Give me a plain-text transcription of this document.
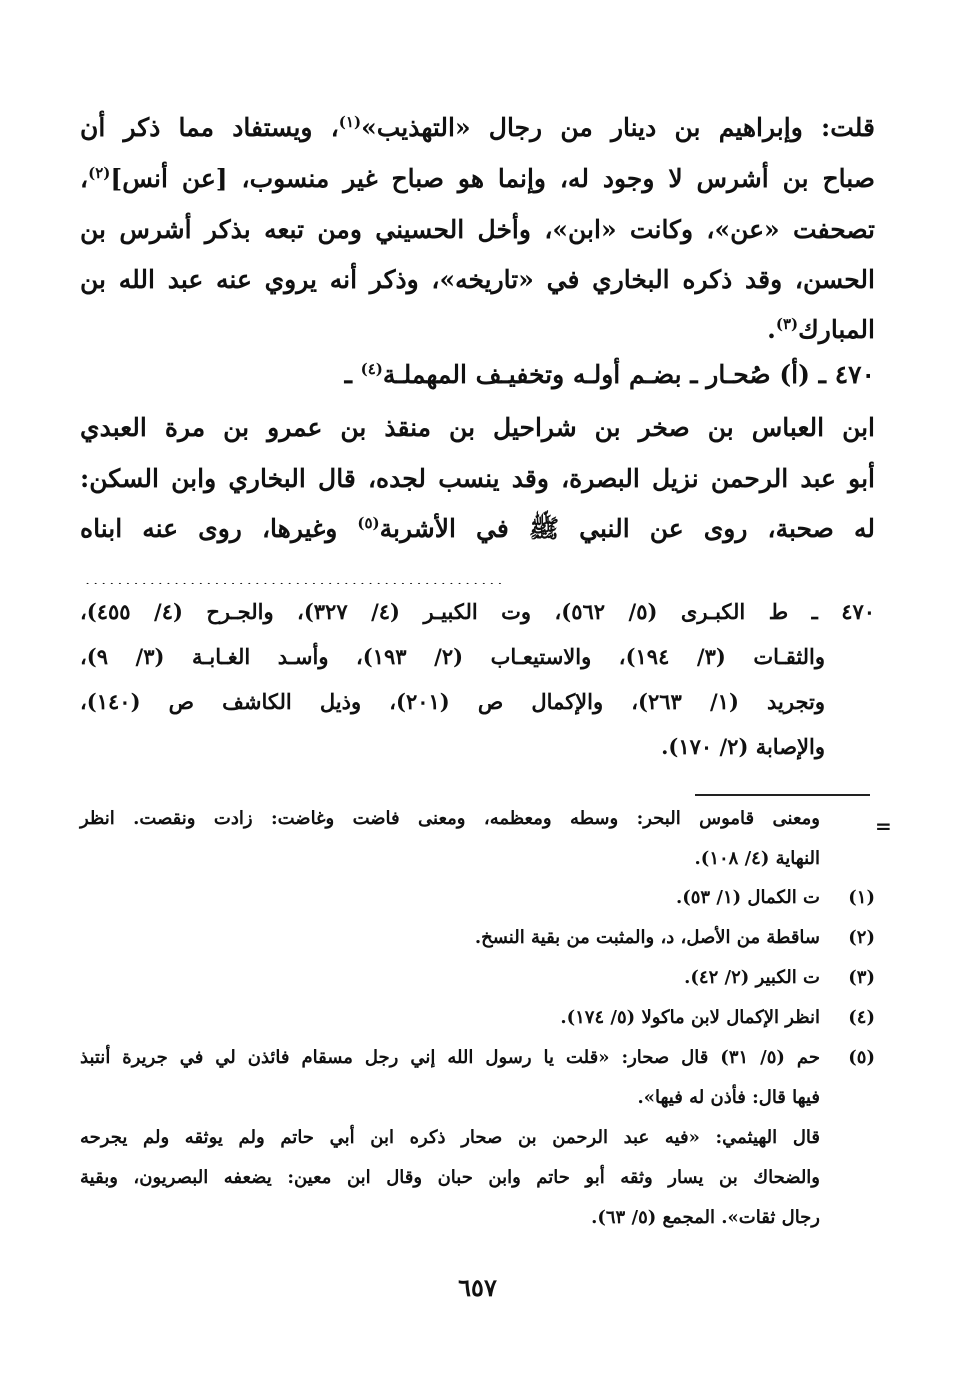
قلت: وإبراهيم بن دينار من رجال «التهذيب»$^{(١)}$، ويستفاد مما ذكر أن
صباح بن أشرس لا وجود له، وإنما هو صباح غير منسوب، [عن أنس]$^{(٢)}$،
تصحفت «عن»، وكانت «ابن»، وأخل الحسيني ومن تبعه بذكر أشرس بن
الحسن، وقد ذكره البخاري في «تاريخه»، وذكر أنه يروي عنه عبد الله بن
المبارك$^{(٣)}$.
٤٧٠ ـ (أ) صُحـار ـ بضـم أولـه وتخفيـف المهملـة$^{(٤)}$ ـ
ابن العباس بن صخر بن شراحيل بن منقذ بن عمرو بن مرة العبدي
أبو عبد الرحمن نزيل البصرة، وقد ينسب لجده، قال البخاري وابن السكن:
له صحبة، روى عن النبي ﷺ في الأشربة$^{(٥)}$ وغيرها، روى عنه ابناه
....................................................
٤٧٠ ـ ط الكبـرى (٥/ ٥٦٢)، وت الكبيـر (٤/ ٣٢٧)، والجـرح (٤/ ٤٥٥)،
والثقـات (٣/ ١٩٤)، والاستيعـاب (٢/ ١٩٣)، وأسـد الغـابـة (٣/ ٩)،
وتجريد (١/ ٢٦٣)، والإكمال ص (٢٠١)، وذيل الكاشف ص (١٤٠)،
والإصابة (٢/ ١٧٠).
=
ومعنى قاموس البحر: وسطه ومعظمه، ومعنى فاضت وغاضت: زادت ونقصت. انظر
النهاية (٤/ ١٠٨).
(١)
ت الكمال (١/ ٥٣).
(٢)
ساقطة من الأصل، د، والمثبت من بقية النسخ.
(٣)
ت الكبير (٢/ ٤٢).
(٤)
انظر الإكمال لابن ماكولا (٥/ ١٧٤).
(٥)
حم (٥/ ٣١) قال صحار: «قلت يا رسول الله إني رجل مسقام فائذن لي في جريرة أنتبذ
فيها قال: فأذن له فيها».
قال الهيثمي: «فيه عبد الرحمن بن صحار ذكره ابن أبي حاتم ولم يوثقه ولم يجرحه
والضحاك بن يسار وثقه أبو حاتم وابن حبان وقال ابن معين: يضعفه البصريون، وبقية
رجال ثقات». المجمع (٥/ ٦٣).
٦٥٧
